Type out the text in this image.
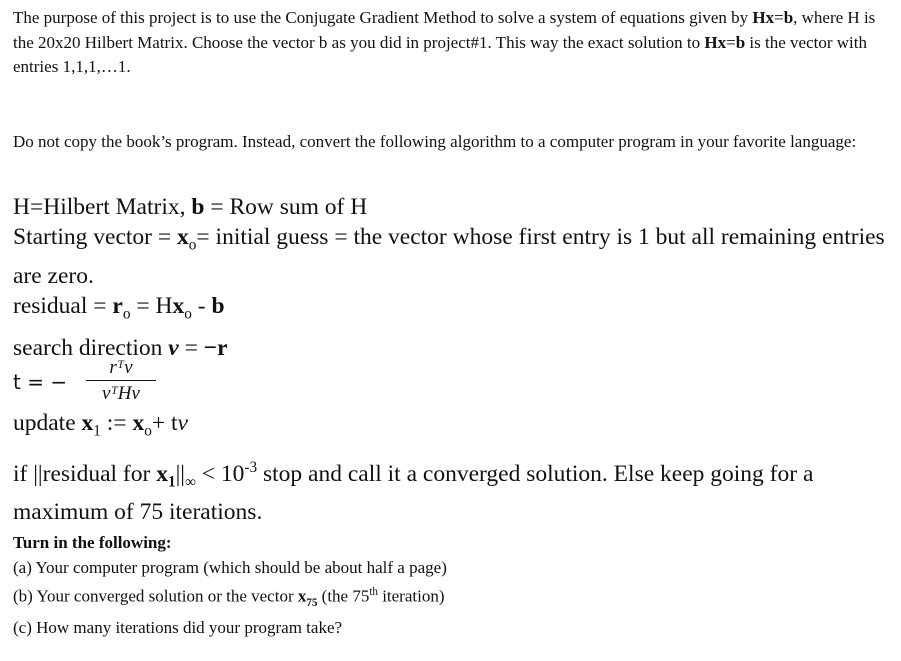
The purpose of this project is to use the Conjugate Gradient Method to solve a system of equations given by Hx=b, where H is the 20x20 Hilbert Matrix. Choose the vector b as you did in project#1. This way the exact solution to Hx=b is the vector with entries 1,1,1,…1.
Do not copy the book’s program. Instead, convert the following algorithm to a computer program in your favorite language:
H=Hilbert Matrix, b = Row sum of H
Starting vector = $x_o=$ initial guess = the vector whose first entry is 1 but all remaining entries are zero.
residual = $r_o = Hx_o - b$
search direction v = −r
t = −
rᵀv
vᵀHv
update $x_1$ := $x_o+$ tv
if ||residual for $x_1||_\infty < 10^{-3}$ stop and call it a converged solution. Else keep going for a maximum of 75 iterations.
Turn in the following:
(a) Your computer program (which should be about half a page)
(b) Your converged solution or the vector $x_{75}$ (the 75th iteration)
(c) How many iterations did your program take?
